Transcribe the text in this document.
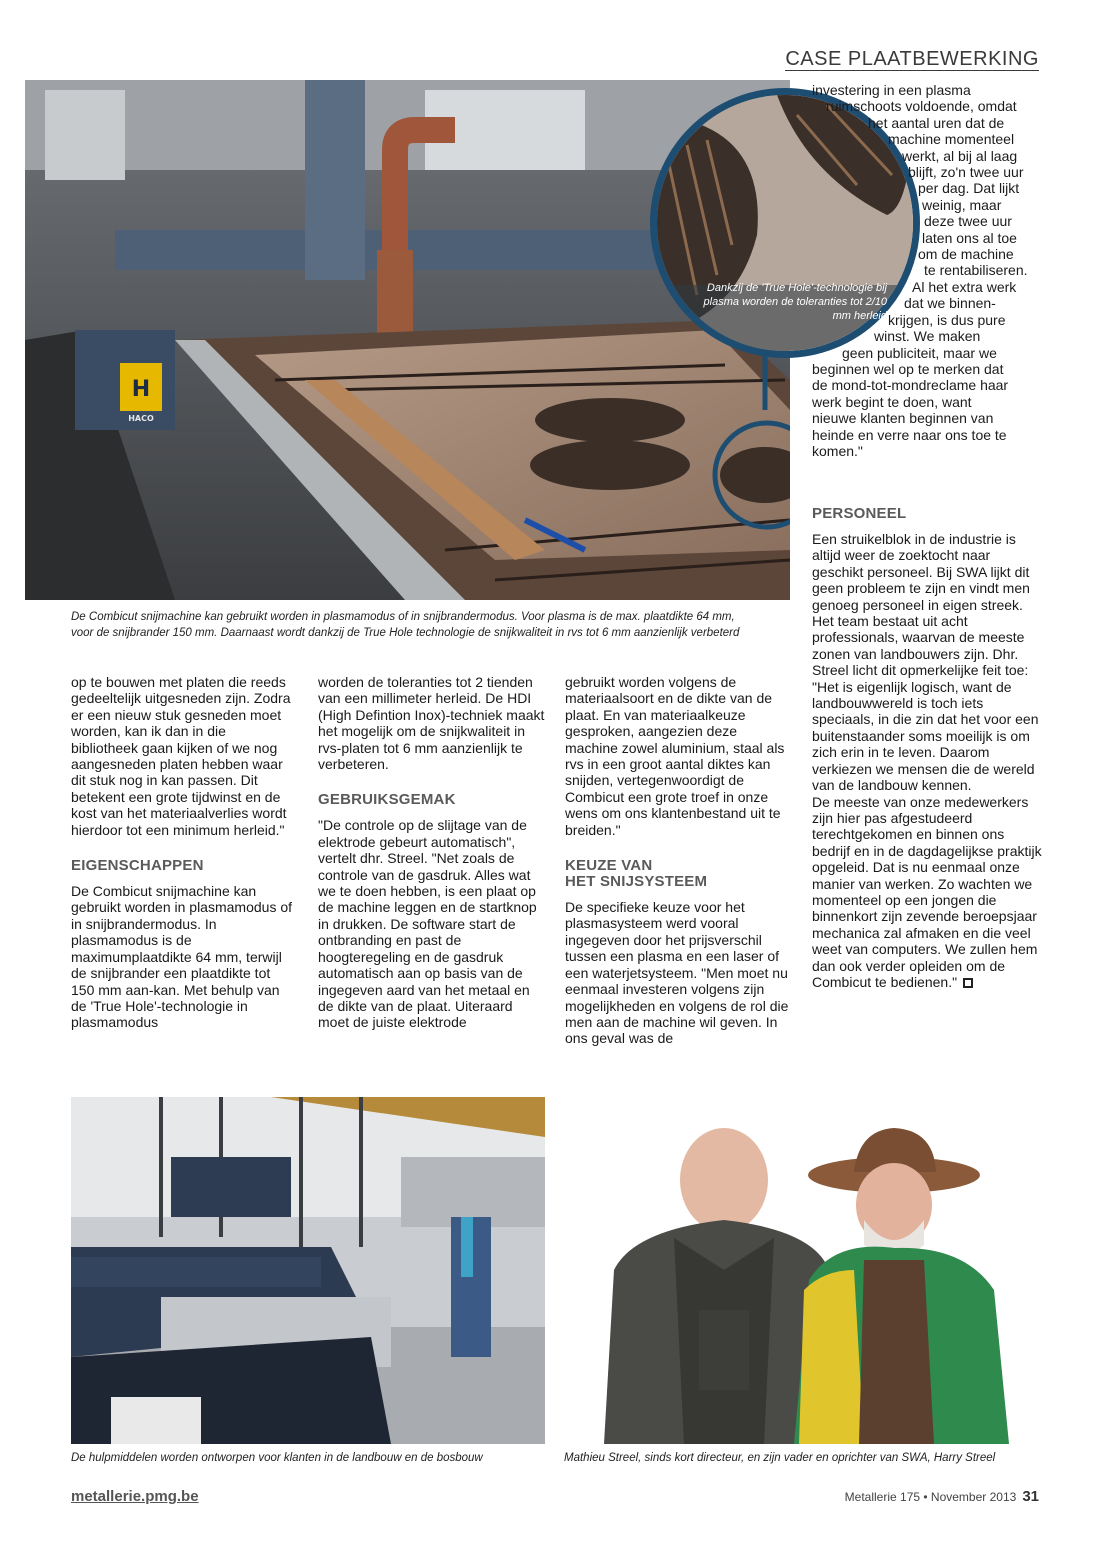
CASE PLAATBEWERKING
H
HACO
Dankzij de 'True Hole'-technologie bij plasma worden de toleranties tot 2/10 mm herleid
investering in een plasma
ruimschoots voldoende, omdat
het aantal uren dat de
machine momenteel
werkt, al bij al laag
blijft, zo'n twee uur
per dag. Dat lijkt
weinig, maar
deze twee uur
laten ons al toe
om de machine
te rentabiliseren.
Al het extra werk
dat we binnen-
krijgen, is dus pure
winst. We maken
geen publiciteit, maar we
beginnen wel op te merken dat
de mond-tot-mondreclame haar
werk begint te doen, want
nieuwe klanten beginnen van
heinde en verre naar ons toe te
komen."
De Combicut snijmachine kan gebruikt worden in plasmamodus of in snijbrandermodus. Voor plasma is de max. plaatdikte 64 mm,
voor de snijbrander 150 mm. Daarnaast wordt dankzij de True Hole technologie de snijkwaliteit in rvs tot 6 mm aanzienlijk verbeterd

op te bouwen met platen die reeds gedeeltelijk uitgesneden zijn. Zodra er een nieuw stuk gesneden moet worden, kan ik dan in die bibliotheek gaan kijken of we nog aangesneden platen hebben waar dit stuk nog in kan passen. Dit betekent een grote tijdwinst en de kost van het materiaalverlies wordt hierdoor tot een minimum herleid."

EIGENSCHAPPEN

De Combicut snijmachine kan gebruikt worden in plasmamodus of in snijbrandermodus. In plasmamodus is de maximumplaatdikte 64 mm, terwijl de snijbrander een plaatdikte tot 150 mm aan-kan. Met behulp van de 'True Hole'-technologie in plasmamodus

worden de toleranties tot 2 tienden van een millimeter herleid. De HDI (High Defintion Inox)-techniek maakt het mogelijk om de snijkwaliteit in rvs-platen tot 6 mm aanzienlijk te verbeteren.

GEBRUIKSGEMAK

"De controle op de slijtage van de elektrode gebeurt automatisch", vertelt dhr. Streel. "Net zoals de controle van de gasdruk. Alles wat we te doen hebben, is een plaat op de machine leggen en de startknop in drukken. De software start de ontbranding en past de hoogteregeling en de gasdruk automatisch aan op basis van de ingegeven aard van het metaal en de dikte van de plaat. Uiteraard moet de juiste elektrode

gebruikt worden volgens de materiaalsoort en de dikte van de plaat. En van materiaalkeuze gesproken, aangezien deze machine zowel aluminium, staal als rvs in een groot aantal diktes kan snijden, vertegenwoordigt de Combicut een grote troef in onze wens om ons klantenbestand uit te breiden."

KEUZE VAN
HET SNIJSYSTEEM

De specifieke keuze voor het plasmasysteem werd vooral ingegeven door het prijsverschil tussen een plasma en een laser of een waterjetsysteem. "Men moet nu eenmaal investeren volgens zijn mogelijkheden en volgens de rol die men aan de machine wil geven. In ons geval was de

PERSONEEL

Een struikelblok in de industrie is altijd weer de zoektocht naar geschikt personeel. Bij SWA lijkt dit geen probleem te zijn en vindt men genoeg personeel in eigen streek. Het team bestaat uit acht professionals, waarvan de meeste zonen van landbouwers zijn. Dhr. Streel licht dit opmerkelijke feit toe: "Het is eigenlijk logisch, want de landbouwwereld is toch iets speciaals, in die zin dat het voor een buitenstaander soms moeilijk is om zich erin in te leven. Daarom verkiezen we mensen die de wereld van de landbouw kennen.

De meeste van onze medewerkers zijn hier pas afgestudeerd terechtgekomen en binnen ons bedrijf en in de dagdagelijkse praktijk opgeleid. Dat is nu eenmaal onze manier van werken. Zo wachten we momenteel op een jongen die binnenkort zijn zevende beroepsjaar mechanica zal afmaken en die veel weet van computers. We zullen hem dan ook verder opleiden om de Combicut te bedienen."

De hulpmiddelen worden ontworpen voor klanten in de landbouw en de bosbouw	Mathieu Streel, sinds kort directeur, en zijn vader en oprichter van SWA, Harry Streel
metallerie.pmg.be	Metallerie 175 • November 2013 31
